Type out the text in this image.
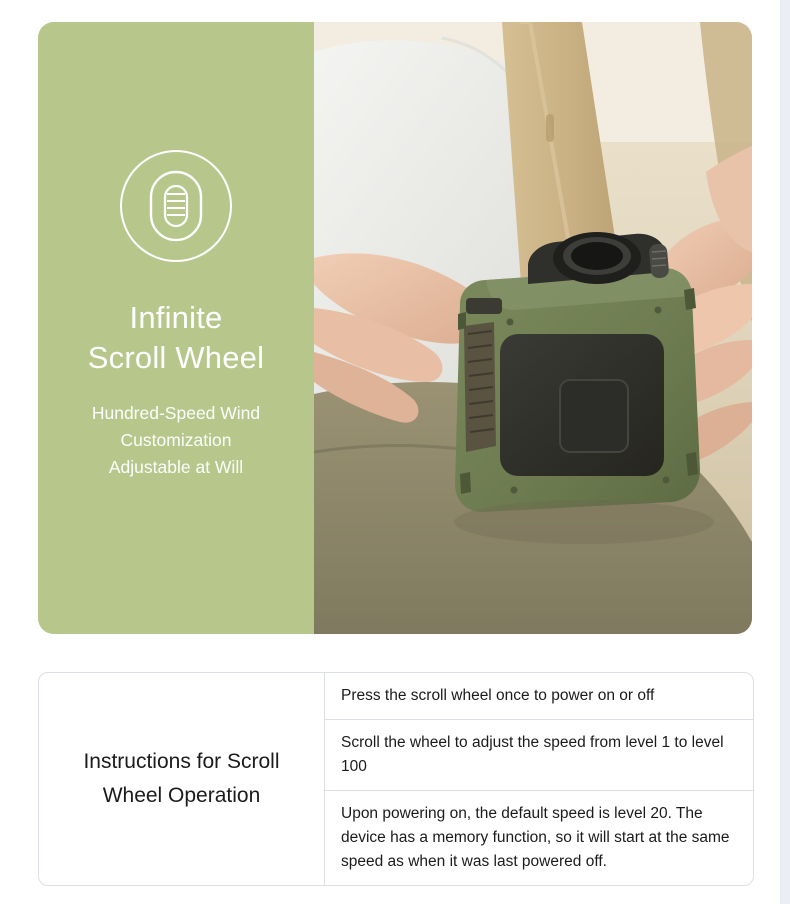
Infinite
Scroll Wheel
Hundred-Speed Wind
Customization
Adjustable at Will
Instructions for Scroll
Wheel Operation
Press the scroll wheel once to power on or off
Scroll the wheel to adjust the speed from level 1 to level 100
Upon powering on, the default speed is level 20. The device has a memory function, so it will start at the same speed as when it was last powered off.
